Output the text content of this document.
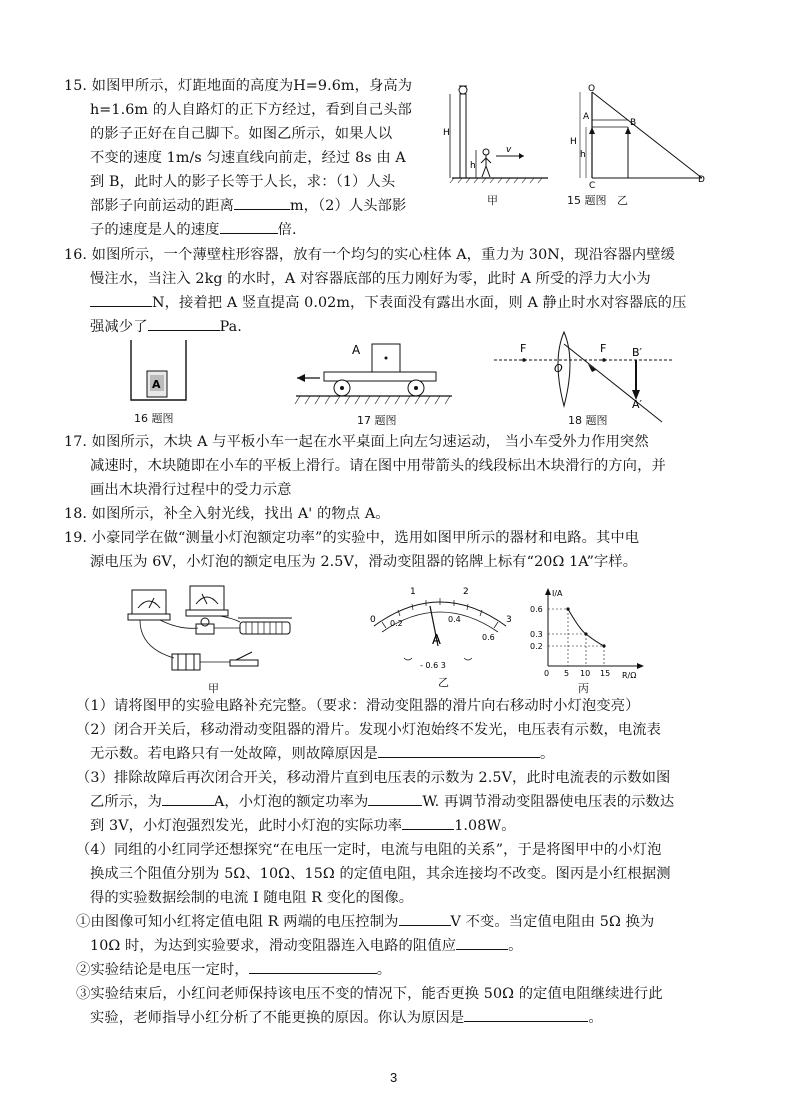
15. 如图甲所示，灯距地面的高度为H=9.6m，身高为
h=1.6m 的人自路灯的正下方经过，看到自己头部
的影子正好在自己脚下。如图乙所示，如果人以
不变的速度 1m/s 匀速直线向前走，经过 8s 由 A
到 B，此时人的影子长等于人长，求：（1）人头
部影子向前运动的距离	m，（2）人头部影
子的速度是人的速度	倍.
H
h
v
甲	15 题图 乙
O
A
B
C
D
H
h
16. 如图所示，一个薄壁柱形容器，放有一个均匀的实心柱体 A，重力为 30N，现沿容器内壁缓
慢注水，当注入 2kg 的水时，A 对容器底部的压力刚好为零，此时 A 所受的浮力大小为
N，接着把 A 竖直提高 0.02m，下表面没有露出水面，则 A 静止时水对容器底的压
强减少了	Pa.
A
16 题图
A
17 题图
F	F
O
B′
A′
18 题图
17. 如图所示，木块 A 与平板小车一起在水平桌面上向左匀速运动， 当小车受外力作用突然
减速时，木块随即在小车的平板上滑行。请在图中用带箭头的线段标出木块滑行的方向，并
画出木块滑行过程中的受力示意
18. 如图所示，补全入射光线，找出 A' 的物点 A。
19. 小豪同学在做“测量小灯泡额定功率”的实验中，选用如图甲所示的器材和电路。其中电
源电压为 6V，小灯泡的额定电压为 2.5V，滑动变阻器的铭牌上标有“20Ω 1A”字样。
甲
0
1	2
3
0.2	0.4
0.6
A
- 0.6 3
乙
I/A
R/Ω
0.6
0.3
0.2
0 5 10 15
丙
（1）请将图甲的实验电路补充完整。（要求：滑动变阻器的滑片向右移动时小灯泡变亮）
（2）闭合开关后，移动滑动变阻器的滑片。发现小灯泡始终不发光，电压表有示数，电流表
无示数。若电路只有一处故障，则故障原因是	。
（3）排除故障后再次闭合开关，移动滑片直到电压表的示数为 2.5V，此时电流表的示数如图
乙所示，为	A，小灯泡的额定功率为	W. 再调节滑动变阻器使电压表的示数达
到 3V，小灯泡强烈发光，此时小灯泡的实际功率	1.08W。
（4）同组的小红同学还想探究“在电压一定时，电流与电阻的关系”，于是将图甲中的小灯泡
换成三个阻值分别为 5Ω、10Ω、15Ω 的定值电阻，其余连接均不改变。图丙是小红根据测
得的实验数据绘制的电流 I 随电阻 R 变化的图像。
①由图像可知小红将定值电阻 R 两端的电压控制为	V 不变。当定值电阻由 5Ω 换为
10Ω 时，为达到实验要求，滑动变阻器连入电路的阻值应	。
②实验结论是电压一定时，	。
③实验结束后，小红问老师保持该电压不变的情况下，能否更换 50Ω 的定值电阻继续进行此
实验，老师指导小红分析了不能更换的原因。你认为原因是	。
3
